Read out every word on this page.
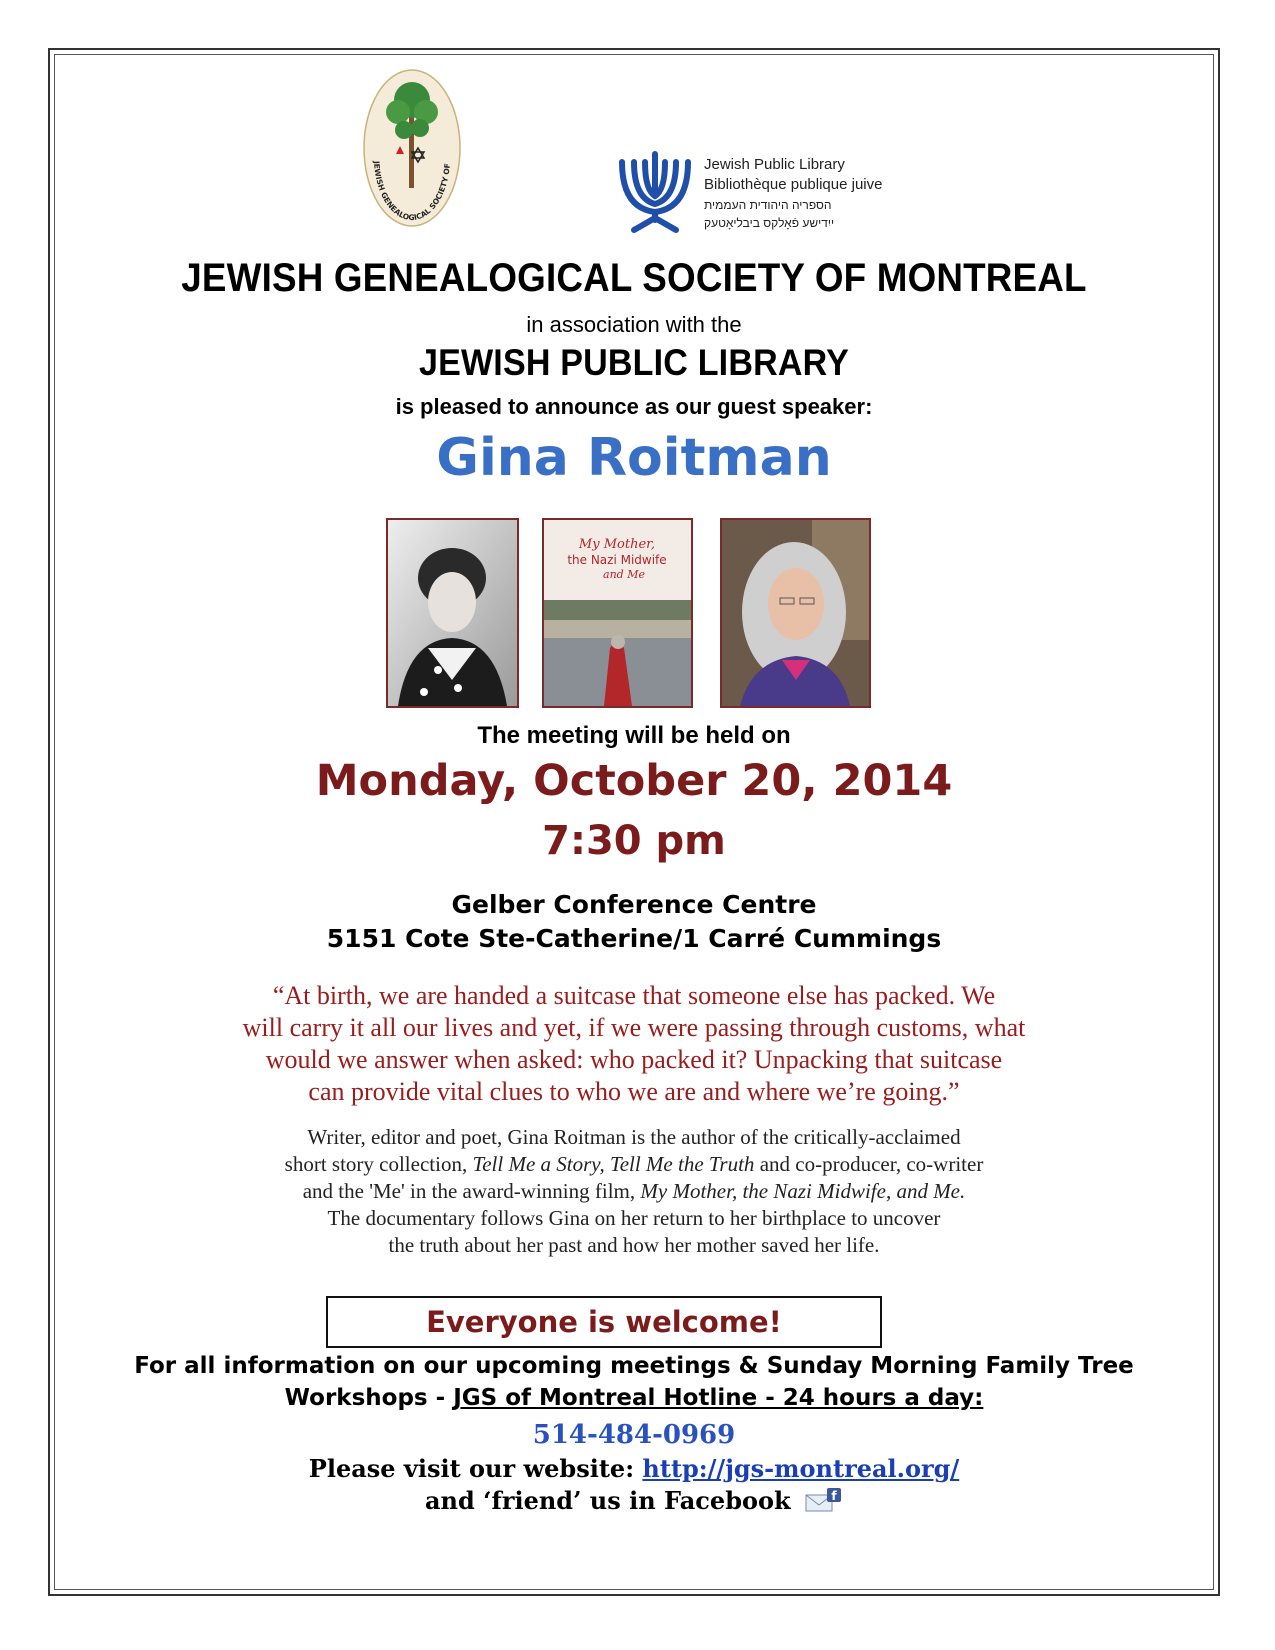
JEWISH GENEALOGICAL SOCIETY OF	Jewish Public Library
Bibliothèque publique juive
הספריה היהודית העממית
ייִדישע פֿאָלקס ביבליאָטעק
JEWISH GENEALOGICAL SOCIETY OF MONTREAL
in association with the
JEWISH PUBLIC LIBRARY
is pleased to announce as our guest speaker:
Gina Roitman
My Mother,
the Nazi Midwife
and Me
The meeting will be held on
Monday, October 20, 2014
7:30 pm
Gelber Conference Centre
5151 Cote Ste-Catherine/1 Carré Cummings
“At birth, we are handed a suitcase that someone else has packed. We
will carry it all our lives and yet, if we were passing through customs, what
would we answer when asked: who packed it? Unpacking that suitcase
can provide vital clues to who we are and where we’re going.”
Writer, editor and poet, Gina Roitman is the author of the critically-acclaimed
short story collection, Tell Me a Story, Tell Me the Truth and co-producer, co-writer
and the 'Me' in the award-winning film, My Mother, the Nazi Midwife, and Me.
The documentary follows Gina on her return to her birthplace to uncover
the truth about her past and how her mother saved her life.
Everyone is welcome!
For all information on our upcoming meetings & Sunday Morning Family Tree
Workshops - JGS of Montreal Hotline - 24 hours a day:
514-484-0969
Please visit our website: http://jgs-montreal.org/
and ‘friend’ us in Facebook	f
